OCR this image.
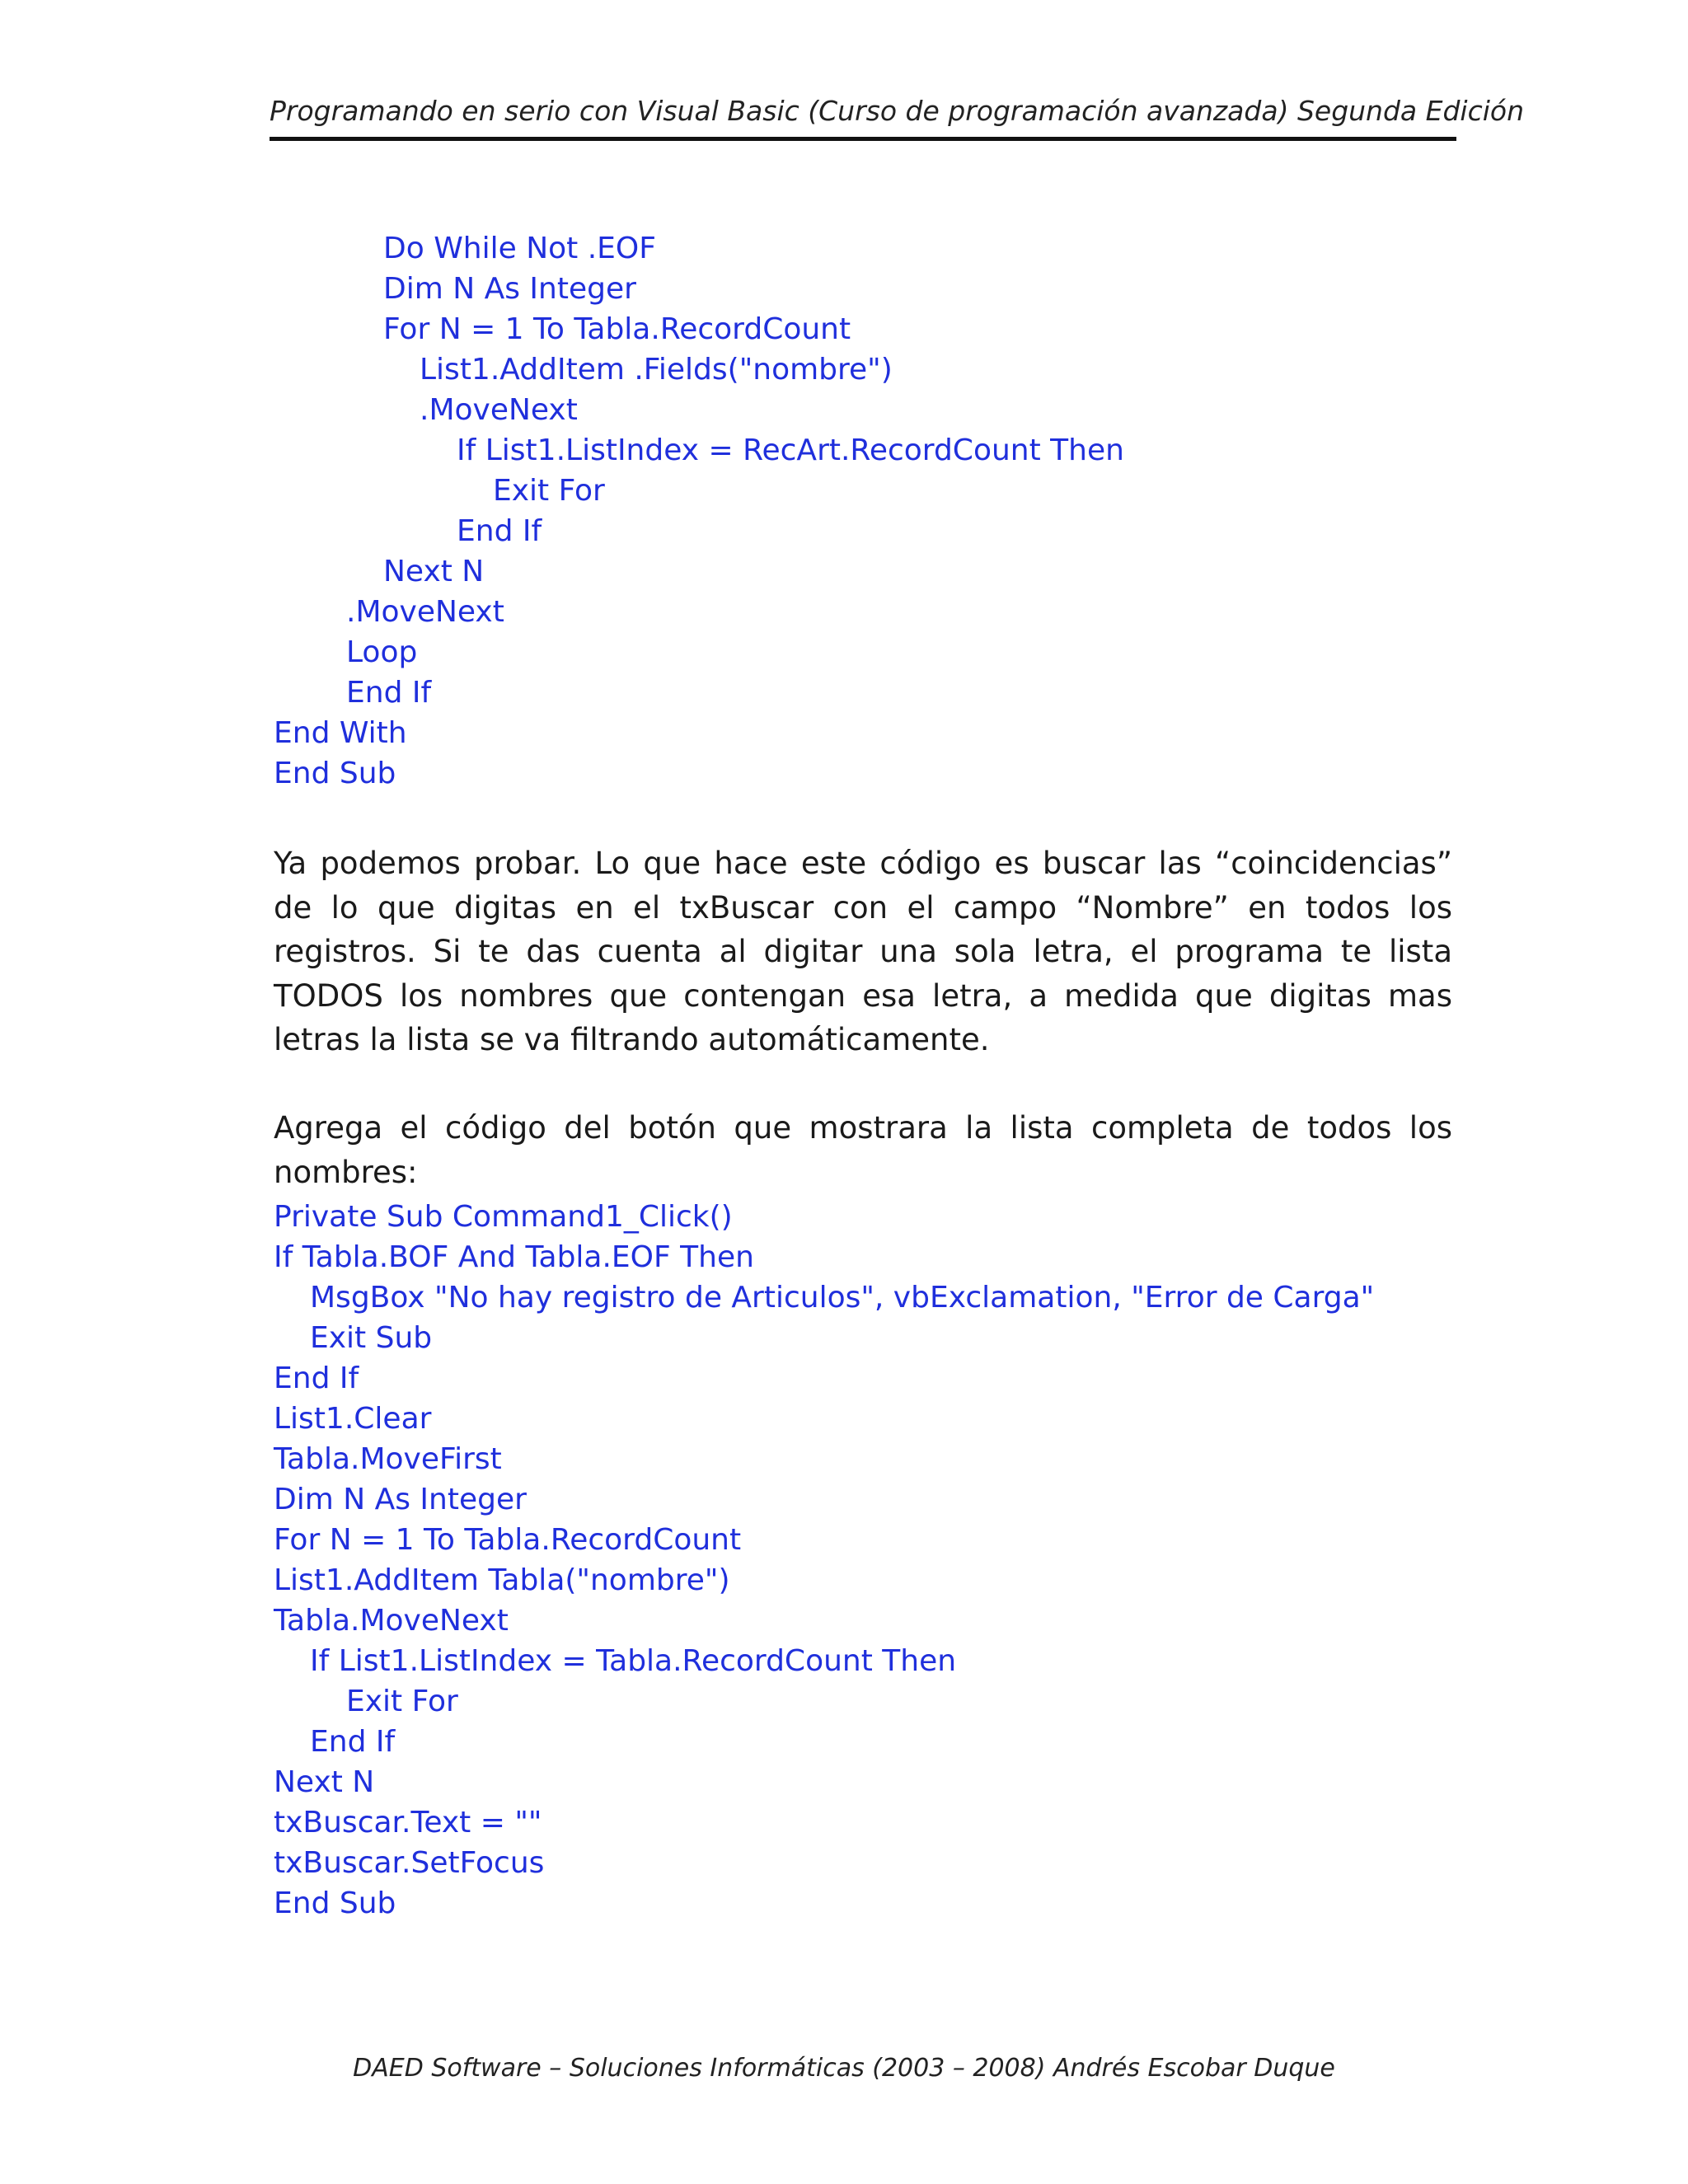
Programando en serio con Visual Basic (Curso de programación avanzada) Segunda Edición
Do While Not .EOF
Dim N As Integer
For N = 1 To Tabla.RecordCount
List1.AddItem .Fields("nombre")
.MoveNext
If List1.ListIndex = RecArt.RecordCount Then
Exit For
End If
Next N
.MoveNext
Loop
End If
End With
End Sub
Ya podemos probar. Lo que hace este código es buscar las “coincidencias” de lo que digitas en el txBuscar con el campo “Nombre” en todos los registros. Si te das cuenta al digitar una sola letra, el programa te lista TODOS los nombres que contengan esa letra, a medida que digitas mas letras la lista se va filtrando automáticamente.
Agrega el código del botón que mostrara la lista completa de todos los nombres:
Private Sub Command1_Click()
If Tabla.BOF And Tabla.EOF Then
MsgBox "No hay registro de Articulos", vbExclamation, "Error de Carga"
Exit Sub
End If
List1.Clear
Tabla.MoveFirst
Dim N As Integer
For N = 1 To Tabla.RecordCount
List1.AddItem Tabla("nombre")
Tabla.MoveNext
If List1.ListIndex = Tabla.RecordCount Then
Exit For
End If
Next N
txBuscar.Text = ""
txBuscar.SetFocus
End Sub
DAED Software – Soluciones Informáticas (2003 – 2008) Andrés Escobar Duque
